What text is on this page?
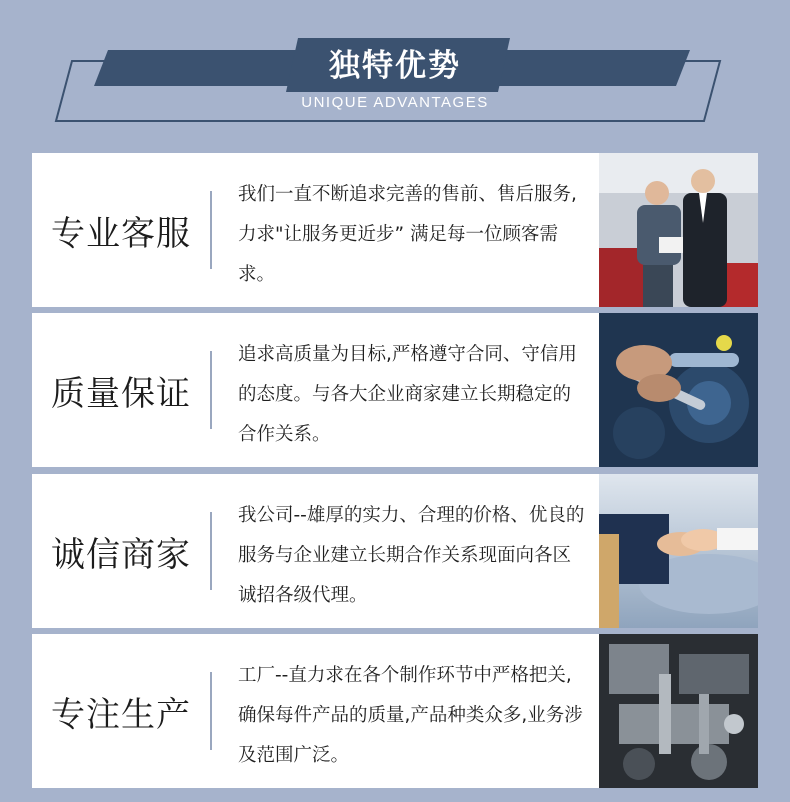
独特优势
UNIQUE ADVANTAGES
专业客服
我们一直不断追求完善的售前、售后服务,力求"让服务更近步” 满足每一位顾客需求。
质量保证
追求高质量为目标,严格遵守合同、守信用的态度。与各大企业商家建立长期稳定的合作关系。
诚信商家
我公司--雄厚的实力、合理的价格、优良的服务与企业建立长期合作关系现面向各区诚招各级代理。
专注生产
工厂--直力求在各个制作环节中严格把关,确保每件产品的质量,产品种类众多,业务涉及范围广泛。
